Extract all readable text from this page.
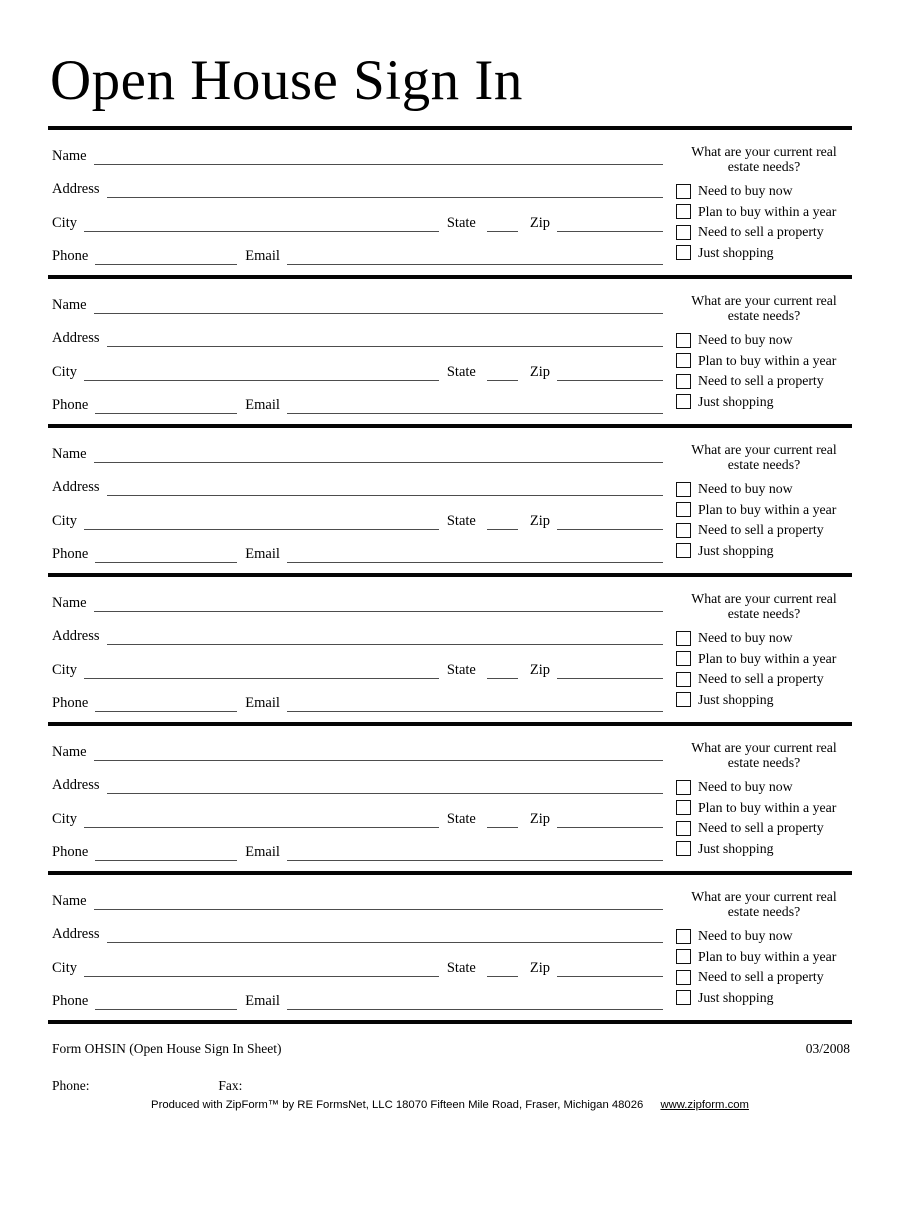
Open House Sign In
Name
Address
City	State	Zip
Phone	Email
What are your current real estate needs?
Need to buy now
Plan to buy within a year
Need to sell a property
Just shopping
Name
Address
City	State	Zip
Phone	Email
What are your current real estate needs?
Need to buy now
Plan to buy within a year
Need to sell a property
Just shopping
Name
Address
City	State	Zip
Phone	Email
What are your current real estate needs?
Need to buy now
Plan to buy within a year
Need to sell a property
Just shopping
Name
Address
City	State	Zip
Phone	Email
What are your current real estate needs?
Need to buy now
Plan to buy within a year
Need to sell a property
Just shopping
Name
Address
City	State	Zip
Phone	Email
What are your current real estate needs?
Need to buy now
Plan to buy within a year
Need to sell a property
Just shopping
Name
Address
City	State	Zip
Phone	Email
What are your current real estate needs?
Need to buy now
Plan to buy within a year
Need to sell a property
Just shopping
Form OHSIN (Open House Sign In Sheet)	03/2008
Phone:	Fax:
Produced with ZipForm™ by RE FormsNet, LLC 18070 Fifteen Mile Road, Fraser, Michigan 48026 www.zipform.com
